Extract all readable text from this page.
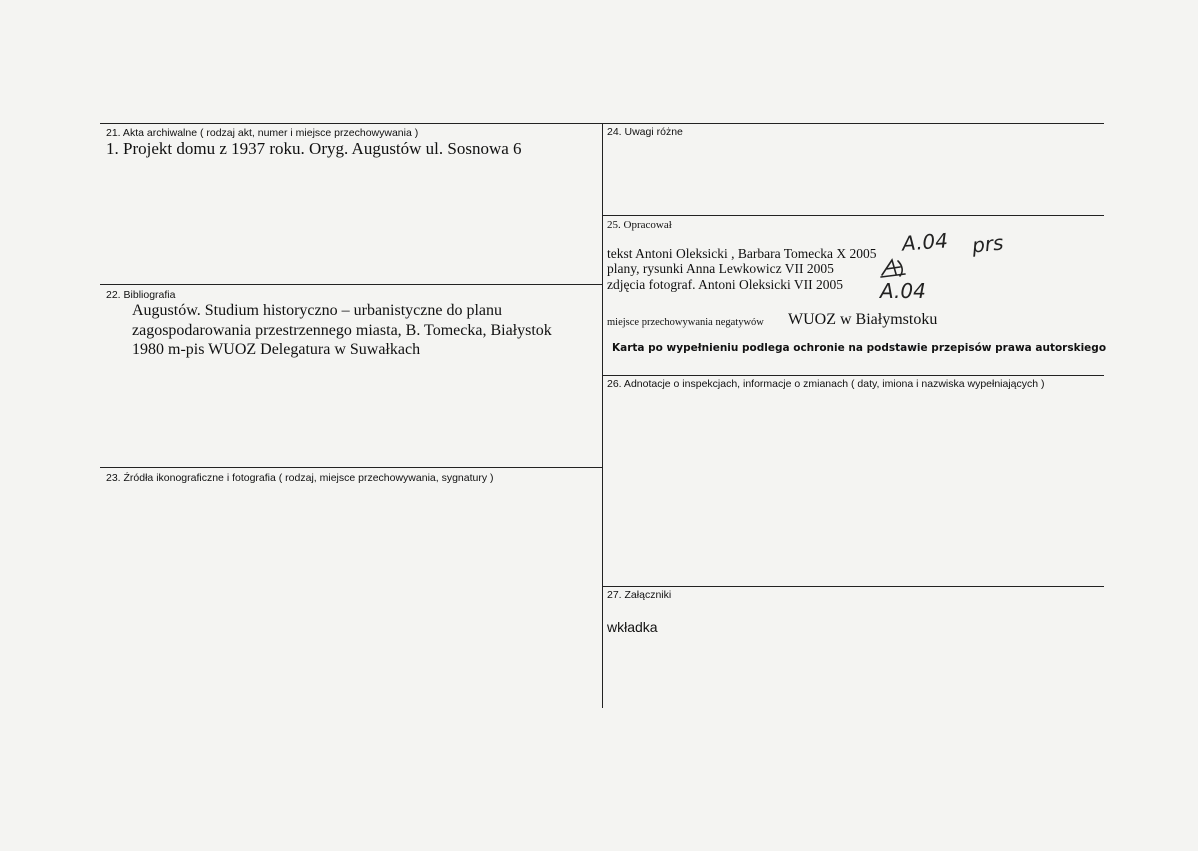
21. Akta archiwalne ( rodzaj akt, numer i miejsce przechowywania )
1. Projekt domu z 1937 roku. Oryg. Augustów ul. Sosnowa 6
22. Bibliografia
Augustów. Studium historyczno – urbanistyczne do planu
zagospodarowania przestrzennego miasta, B. Tomecka, Białystok
1980 m-pis WUOZ Delegatura w Suwałkach
23. Źródła ikonograficzne i fotografia ( rodzaj, miejsce przechowywania, sygnatury )
24. Uwagi różne
25. Opracował
tekst Antoni Oleksicki , Barbara Tomecka X 2005
plany, rysunki Anna Lewkowicz VII 2005
zdjęcia fotograf. Antoni Oleksicki VII 2005
A.04 prs
A.04
miejsce przechowywania negatywów WUOZ w Białymstoku
Karta po wypełnieniu podlega ochronie na podstawie przepisów prawa autorskiego
26. Adnotacje o inspekcjach, informacje o zmianach ( daty, imiona i nazwiska wypełniających )
27. Załączniki
wkładka
